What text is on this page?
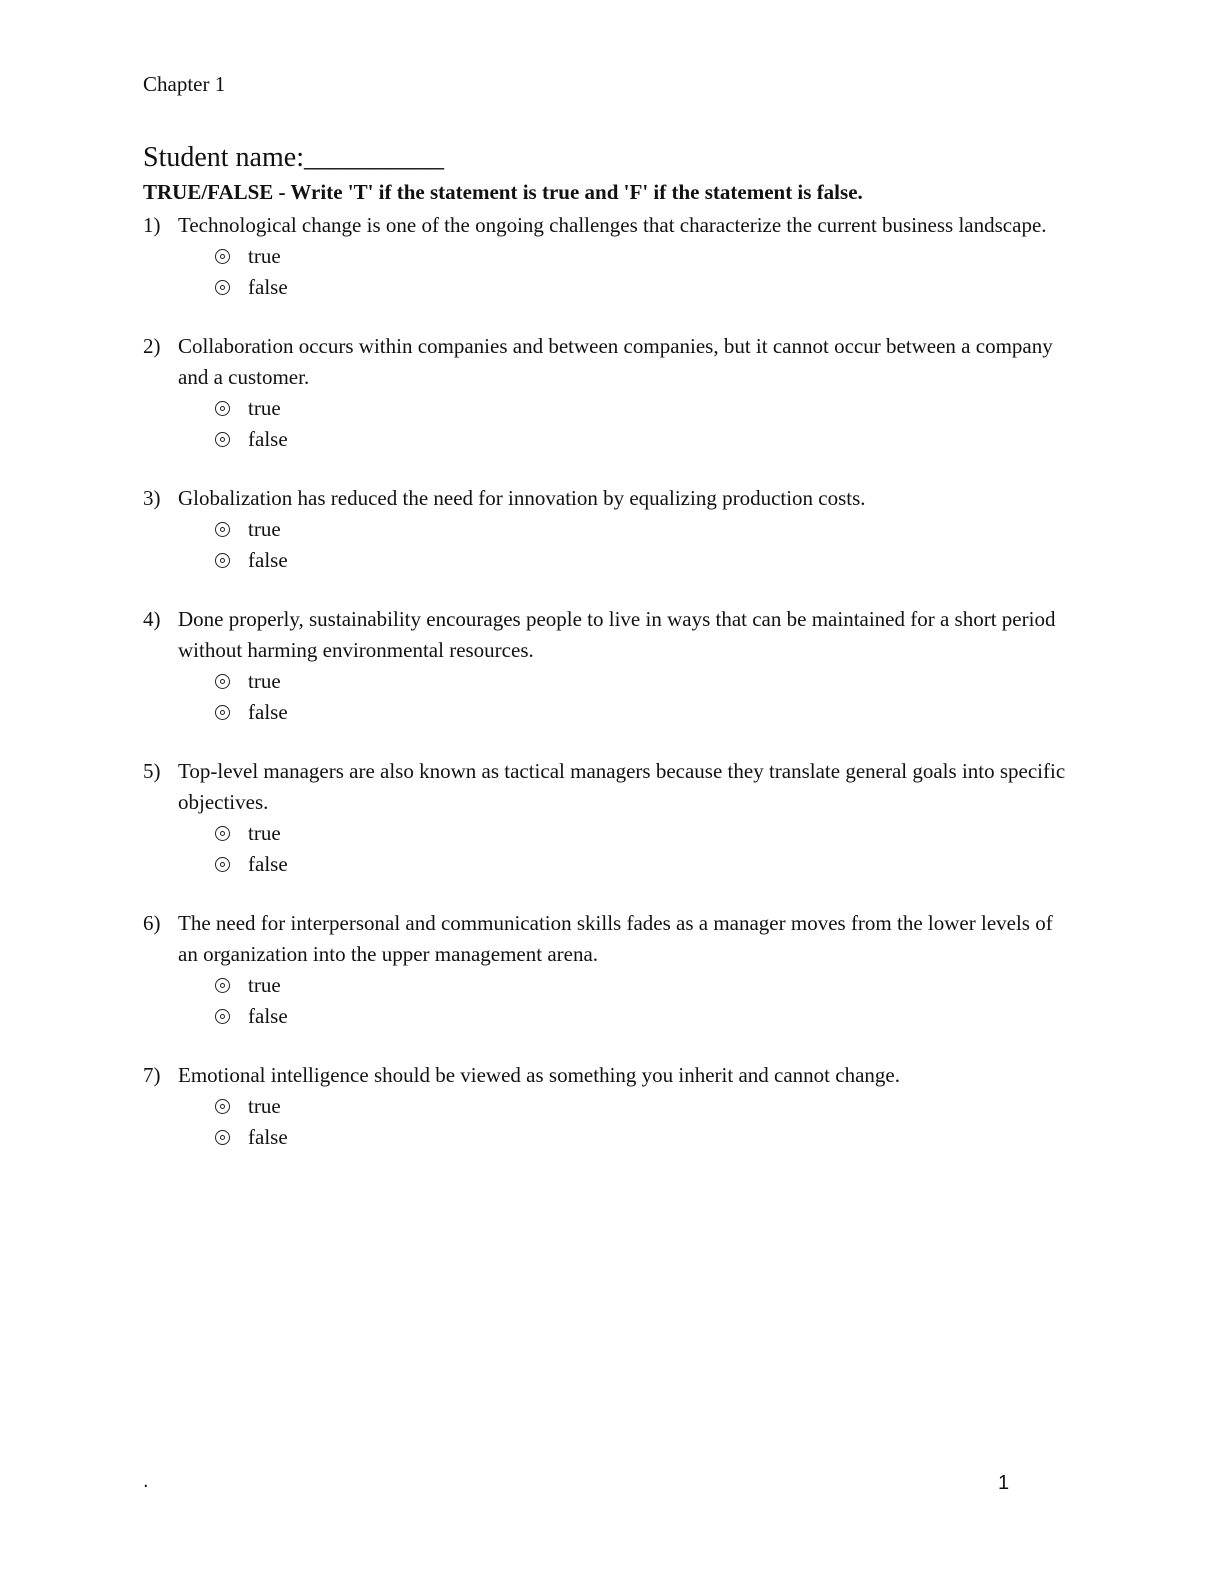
Chapter 1
Student name:__________
TRUE/FALSE - Write 'T' if the statement is true and 'F' if the statement is false.
1) Technological change is one of the ongoing challenges that characterize the current business landscape.
true
false
2) Collaboration occurs within companies and between companies, but it cannot occur between a company and a customer.
true
false
3) Globalization has reduced the need for innovation by equalizing production costs.
true
false
4) Done properly, sustainability encourages people to live in ways that can be maintained for a short period without harming environmental resources.
true
false
5) Top-level managers are also known as tactical managers because they translate general goals into specific objectives.
true
false
6) The need for interpersonal and communication skills fades as a manager moves from the lower levels of an organization into the upper management arena.
true
false
7) Emotional intelligence should be viewed as something you inherit and cannot change.
true
false
.	1
